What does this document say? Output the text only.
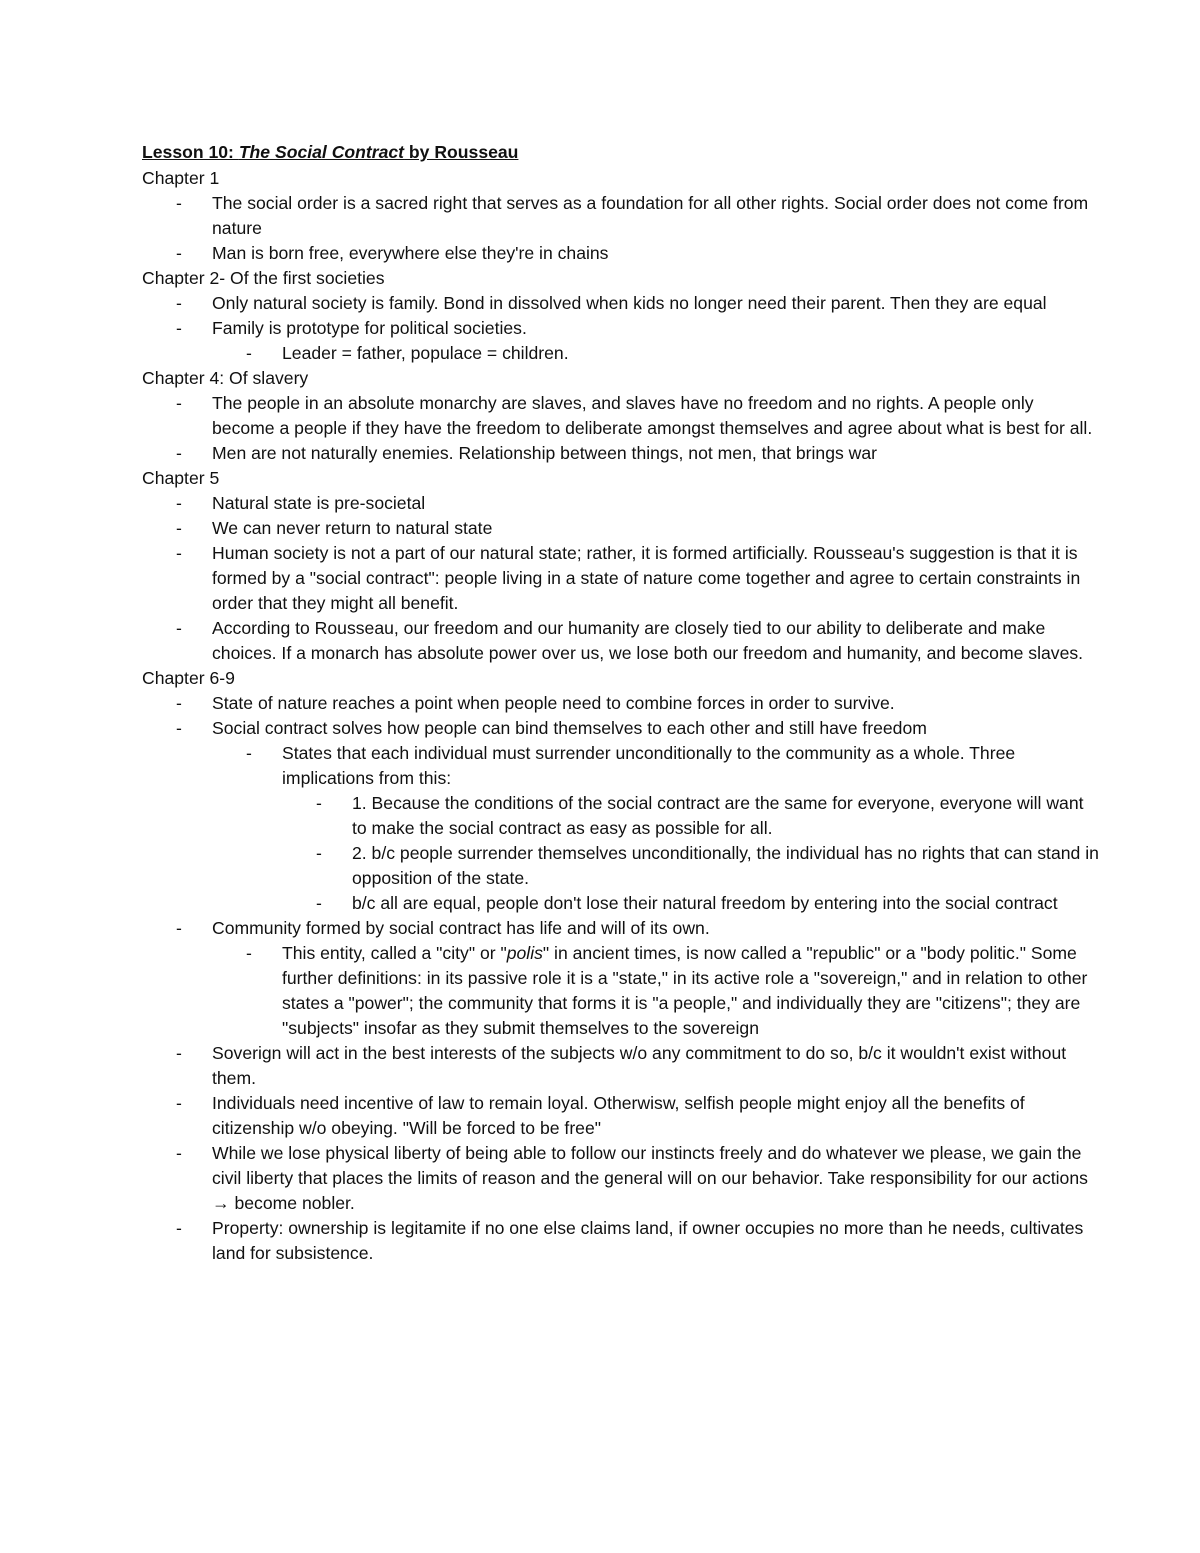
Lesson 10: The Social Contract by Rousseau
Chapter 1
-	The social order is a sacred right that serves as a foundation for all other rights. Social order does not come from nature
-	Man is born free, everywhere else they're in chains
Chapter 2- Of the first societies
-	Only natural society is family. Bond in dissolved when kids no longer need their parent. Then they are equal
-	Family is prototype for political societies.
-	Leader = father, populace = children.
Chapter 4: Of slavery
-	The people in an absolute monarchy are slaves, and slaves have no freedom and no rights. A people only become a people if they have the freedom to deliberate amongst themselves and agree about what is best for all.
-	Men are not naturally enemies. Relationship between things, not men, that brings war
Chapter 5
-	Natural state is pre-societal
-	We can never return to natural state
-	Human society is not a part of our natural state; rather, it is formed artificially. Rousseau's suggestion is that it is formed by a "social contract": people living in a state of nature come together and agree to certain constraints in order that they might all benefit.
-	According to Rousseau, our freedom and our humanity are closely tied to our ability to deliberate and make choices. If a monarch has absolute power over us, we lose both our freedom and humanity, and become slaves.
Chapter 6-9
-	State of nature reaches a point when people need to combine forces in order to survive.
-	Social contract solves how people can bind themselves to each other and still have freedom
-	States that each individual must surrender unconditionally to the community as a whole. Three implications from this:
-	1. Because the conditions of the social contract are the same for everyone, everyone will want to make the social contract as easy as possible for all.
-	2. b/c people surrender themselves unconditionally, the individual has no rights that can stand in opposition of the state.
-	b/c all are equal, people don't lose their natural freedom by entering into the social contract
-	Community formed by social contract has life and will of its own.
-	This entity, called a "city" or "polis" in ancient times, is now called a "republic" or a "body politic." Some further definitions: in its passive role it is a "state," in its active role a "sovereign," and in relation to other states a "power"; the community that forms it is "a people," and individually they are "citizens"; they are "subjects" insofar as they submit themselves to the sovereign
-	Soverign will act in the best interests of the subjects w/o any commitment to do so, b/c it wouldn't exist without them.
-	Individuals need incentive of law to remain loyal. Otherwisw, selfish people might enjoy all the benefits of citizenship w/o obeying. "Will be forced to be free"
-	While we lose physical liberty of being able to follow our instincts freely and do whatever we please, we gain the civil liberty that places the limits of reason and the general will on our behavior. Take responsibility for our actions → become nobler.
-	Property: ownership is legitamite if no one else claims land, if owner occupies no more than he needs, cultivates land for subsistence.
